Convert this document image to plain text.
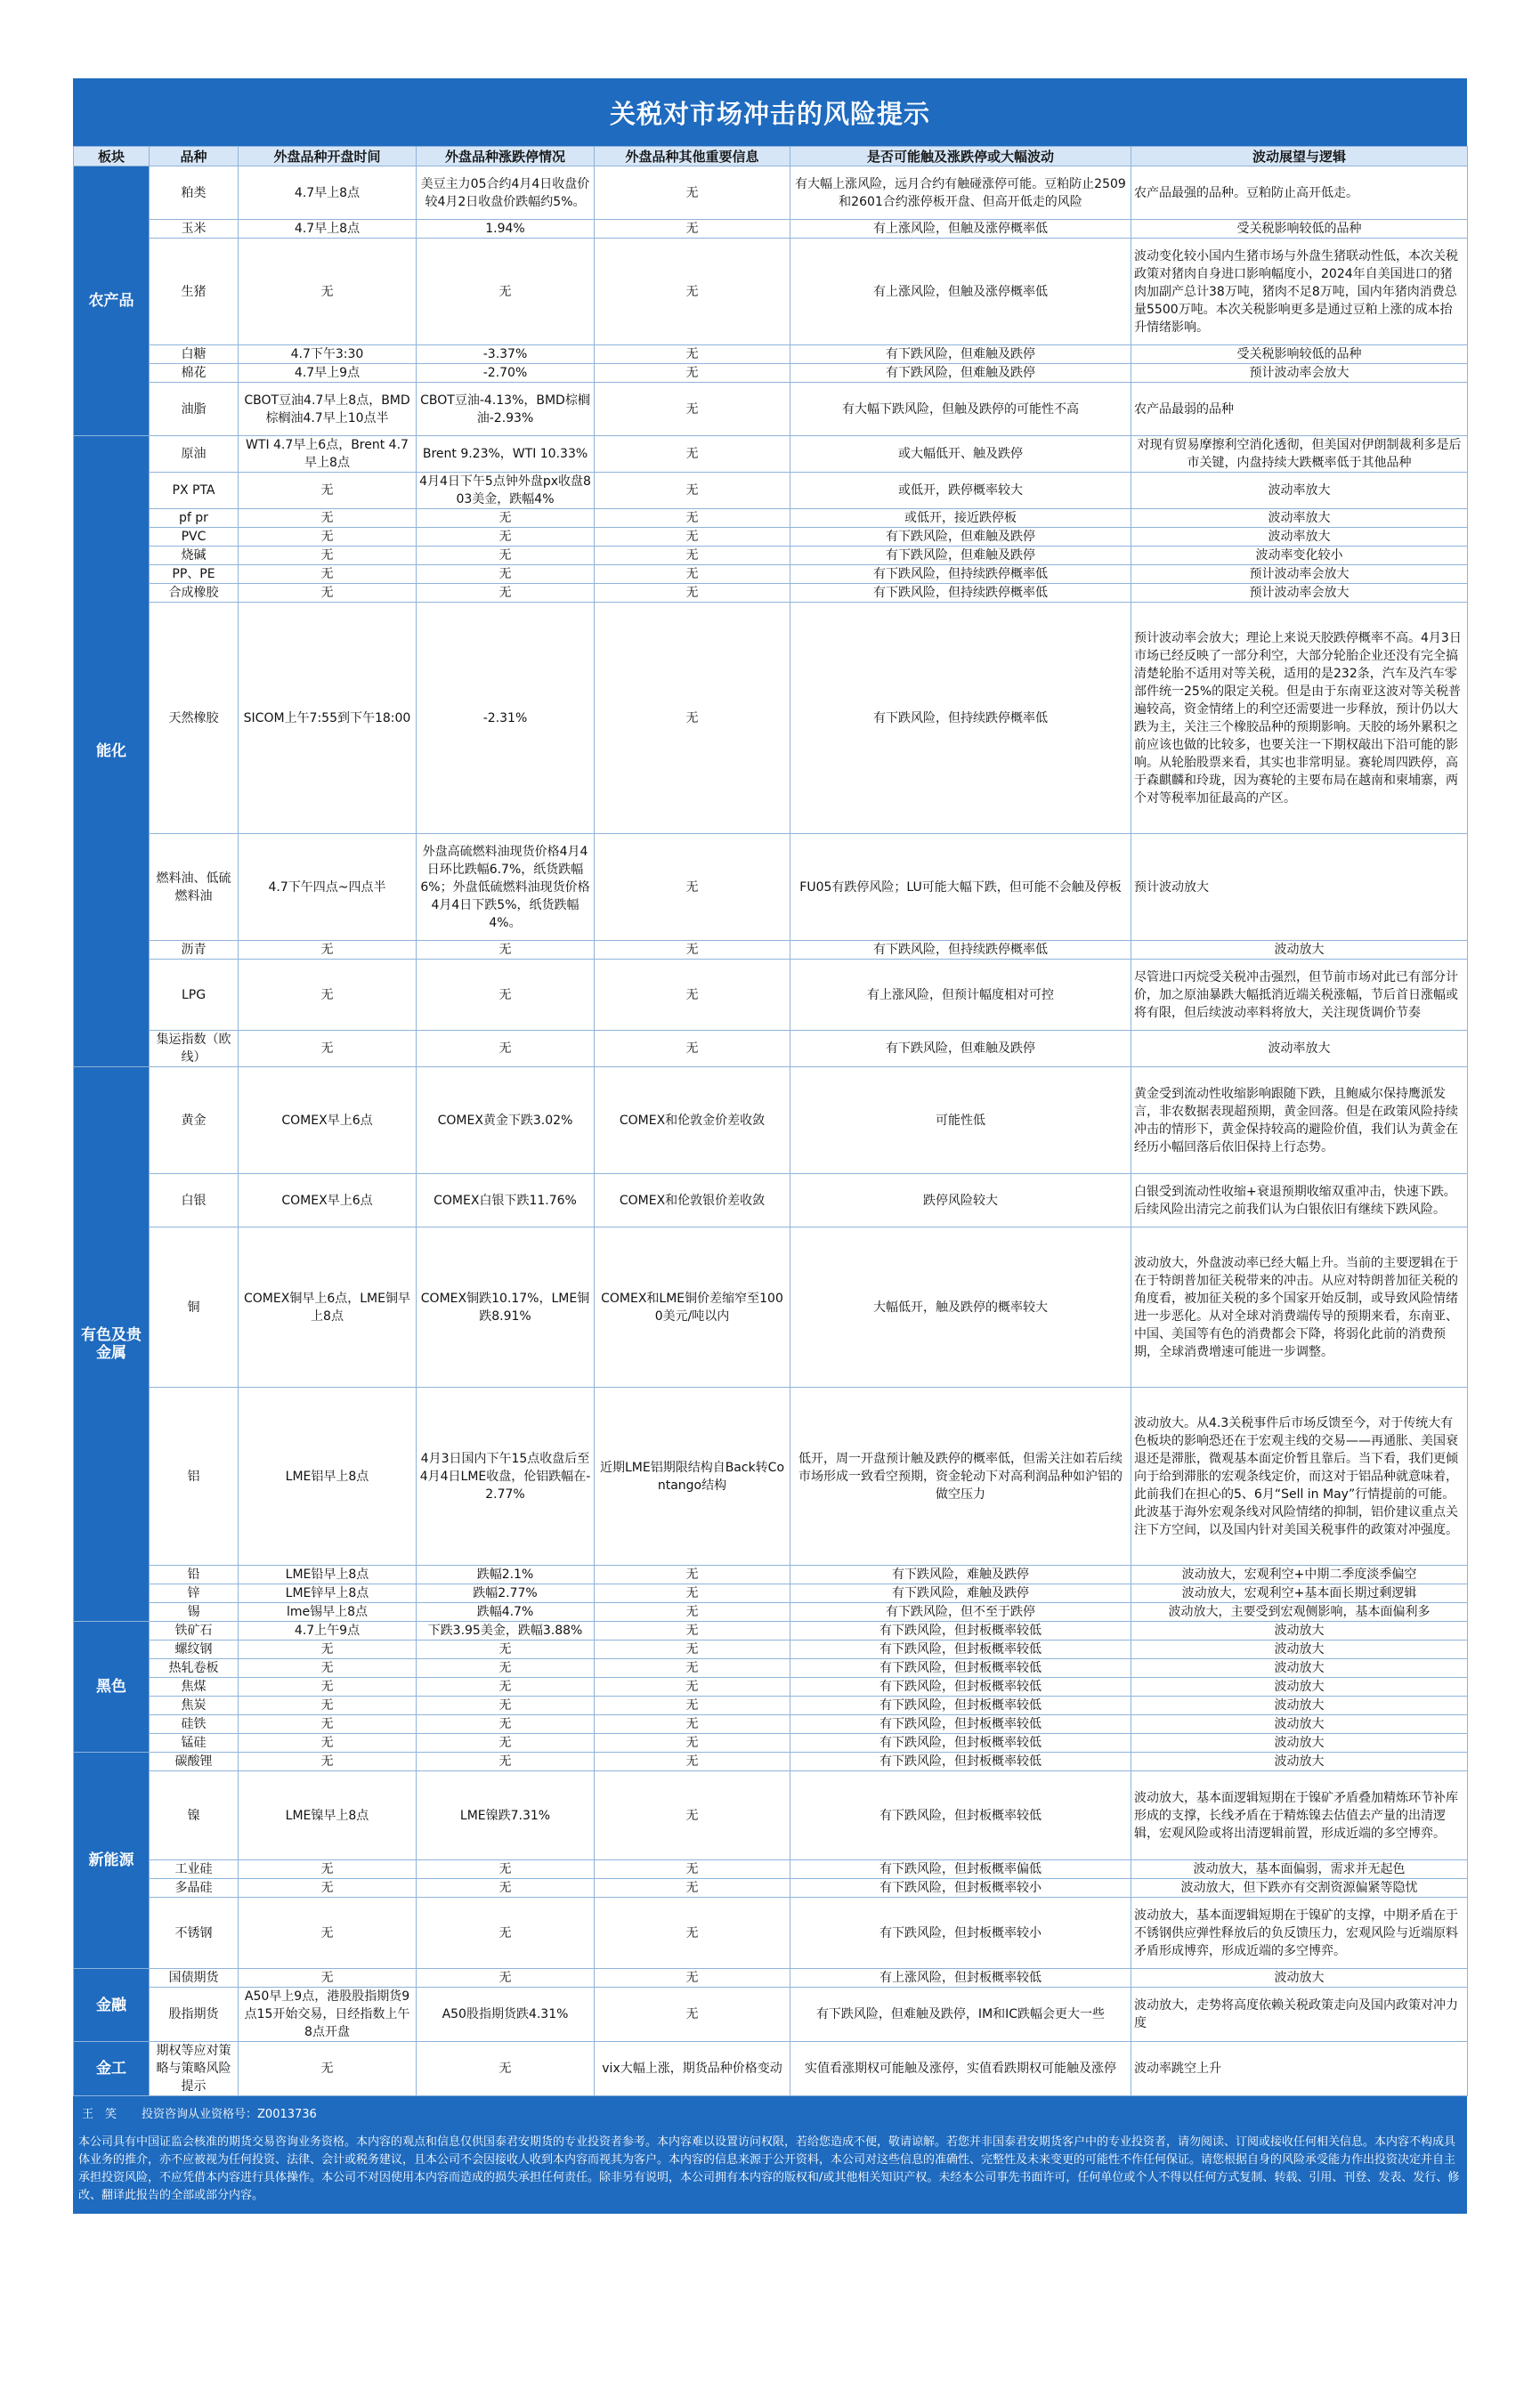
关税对市场冲击的风险提示
板块	品种	外盘品种开盘时间	外盘品种涨跌停情况	外盘品种其他重要信息	是否可能触及涨跌停或大幅波动	波动展望与逻辑
农产品	粕类	4.7早上8点	美豆主力05合约4月4日收盘价较4月2日收盘价跌幅约5%。	无	有大幅上涨风险，远月合约有触碰涨停可能。豆粕防止2509和2601合约涨停板开盘、但高开低走的风险	农产品最强的品种。豆粕防止高开低走。
	玉米	4.7早上8点	1.94%	无	有上涨风险，但触及涨停概率低	受关税影响较低的品种
	生猪	无	无	无	有上涨风险，但触及涨停概率低	波动变化较小国内生猪市场与外盘生猪联动性低，本次关税政策对猪肉自身进口影响幅度小，2024年自美国进口的猪肉加副产总计38万吨，猪肉不足8万吨，国内年猪肉消费总量5500万吨。本次关税影响更多是通过豆粕上涨的成本抬升情绪影响。
	白糖	4.7下午3:30	-3.37%	无	有下跌风险，但难触及跌停	受关税影响较低的品种
	棉花	4.7早上9点	-2.70%	无	有下跌风险，但难触及跌停	预计波动率会放大
	油脂	CBOT豆油4.7早上8点，BMD棕榈油4.7早上10点半	CBOT豆油-4.13%，BMD棕榈油-2.93%	无	有大幅下跌风险，但触及跌停的可能性不高	农产品最弱的品种
能化	原油	WTI 4.7早上6点，Brent 4.7早上8点	Brent 9.23%，WTI 10.33%	无	或大幅低开、触及跌停	对现有贸易摩擦利空消化透彻，但美国对伊朗制裁利多是后市关键，内盘持续大跌概率低于其他品种
	PX PTA	无	4月4日下午5点钟外盘px收盘803美金，跌幅4%	无	或低开，跌停概率较大	波动率放大
	pf pr	无	无	无	或低开，接近跌停板	波动率放大
	PVC	无	无	无	有下跌风险，但难触及跌停	波动率放大
	烧碱	无	无	无	有下跌风险，但难触及跌停	波动率变化较小
	PP、PE	无	无	无	有下跌风险，但持续跌停概率低	预计波动率会放大
	合成橡胶	无	无	无	有下跌风险，但持续跌停概率低	预计波动率会放大
	天然橡胶	SICOM上午7:55到下午18:00	-2.31%	无	有下跌风险，但持续跌停概率低	预计波动率会放大；理论上来说天胶跌停概率不高。4月3日市场已经反映了一部分利空，大部分轮胎企业还没有完全搞清楚轮胎不适用对等关税，适用的是232条，汽车及汽车零部件统一25%的限定关税。但是由于东南亚这波对等关税普遍较高，资金情绪上的利空还需要进一步释放，预计仍以大跌为主，关注三个橡胶品种的预期影响。天胶的场外累积之前应该也做的比较多，也要关注一下期权敲出下沿可能的影响。从轮胎股票来看，其实也非常明显。赛轮周四跌停，高于森麒麟和玲珑，因为赛轮的主要布局在越南和柬埔寨，两个对等税率加征最高的产区。
	燃料油、低硫燃料油	4.7下午四点~四点半	外盘高硫燃料油现货价格4月4日环比跌幅6.7%，纸货跌幅6%；外盘低硫燃料油现货价格4月4日下跌5%，纸货跌幅4%。	无	FU05有跌停风险；LU可能大幅下跌，但可能不会触及停板	预计波动放大
	沥青	无	无	无	有下跌风险，但持续跌停概率低	波动放大
	LPG	无	无	无	有上涨风险，但预计幅度相对可控	尽管进口丙烷受关税冲击强烈，但节前市场对此已有部分计价，加之原油暴跌大幅抵消近端关税涨幅，节后首日涨幅或将有限，但后续波动率料将放大，关注现货调价节奏
	集运指数（欧线）	无	无	无	有下跌风险，但难触及跌停	波动率放大
有色及贵金属	黄金	COMEX早上6点	COMEX黄金下跌3.02%	COMEX和伦敦金价差收敛	可能性低	黄金受到流动性收缩影响跟随下跌，且鲍威尔保持鹰派发言，非农数据表现超预期，黄金回落。但是在政策风险持续冲击的情形下，黄金保持较高的避险价值，我们认为黄金在经历小幅回落后依旧保持上行态势。
	白银	COMEX早上6点	COMEX白银下跌11.76%	COMEX和伦敦银价差收敛	跌停风险较大	白银受到流动性收缩+衰退预期收缩双重冲击，快速下跌。后续风险出清完之前我们认为白银依旧有继续下跌风险。
	铜	COMEX铜早上6点，LME铜早上8点	COMEX铜跌10.17%，LME铜跌8.91%	COMEX和LME铜价差缩窄至1000美元/吨以内	大幅低开，触及跌停的概率较大	波动放大，外盘波动率已经大幅上升。当前的主要逻辑在于在于特朗普加征关税带来的冲击。从应对特朗普加征关税的角度看，被加征关税的多个国家开始反制，或导致风险情绪进一步恶化。从对全球对消费端传导的预期来看，东南亚、中国、美国等有色的消费都会下降，将弱化此前的消费预期，全球消费增速可能进一步调整。
	铝	LME铝早上8点	4月3日国内下午15点收盘后至4月4日LME收盘，伦铝跌幅在-2.77%	近期LME铝期限结构自Back转Contango结构	低开，周一开盘预计触及跌停的概率低，但需关注如若后续市场形成一致看空预期，资金轮动下对高利润品种如沪铝的做空压力	波动放大。从4.3关税事件后市场反馈至今，对于传统大有色板块的影响恐还在于宏观主线的交易——再通胀、美国衰退还是滞胀，微观基本面定价暂且靠后。当下看，我们更倾向于给到滞胀的宏观条线定价，而这对于铝品种就意味着，此前我们在担心的5、6月“Sell in May”行情提前的可能。此波基于海外宏观条线对风险情绪的抑制，铝价建议重点关注下方空间，以及国内针对美国关税事件的政策对冲强度。
	铅	LME铅早上8点	跌幅2.1%	无	有下跌风险，难触及跌停	波动放大，宏观利空+中期二季度淡季偏空
	锌	LME锌早上8点	跌幅2.77%	无	有下跌风险，难触及跌停	波动放大，宏观利空+基本面长期过剩逻辑
	锡	lme锡早上8点	跌幅4.7%	无	有下跌风险，但不至于跌停	波动放大，主要受到宏观侧影响，基本面偏利多
黑色	铁矿石	4.7上午9点	下跌3.95美金，跌幅3.88%	无	有下跌风险，但封板概率较低	波动放大
	螺纹钢	无	无	无	有下跌风险，但封板概率较低	波动放大
	热轧卷板	无	无	无	有下跌风险，但封板概率较低	波动放大
	焦煤	无	无	无	有下跌风险，但封板概率较低	波动放大
	焦炭	无	无	无	有下跌风险，但封板概率较低	波动放大
	硅铁	无	无	无	有下跌风险，但封板概率较低	波动放大
	锰硅	无	无	无	有下跌风险，但封板概率较低	波动放大
新能源	碳酸锂	无	无	无	有下跌风险，但封板概率较低	波动放大
	镍	LME镍早上8点	LME镍跌7.31%	无	有下跌风险，但封板概率较低	波动放大，基本面逻辑短期在于镍矿矛盾叠加精炼环节补库形成的支撑，长线矛盾在于精炼镍去估值去产量的出清逻辑，宏观风险或将出清逻辑前置，形成近端的多空博弈。
	工业硅	无	无	无	有下跌风险，但封板概率偏低	波动放大，基本面偏弱，需求并无起色
	多晶硅	无	无	无	有下跌风险，但封板概率较小	波动放大，但下跌亦有交割资源偏紧等隐忧
	不锈钢	无	无	无	有下跌风险，但封板概率较小	波动放大，基本面逻辑短期在于镍矿的支撑，中期矛盾在于不锈钢供应弹性释放后的负反馈压力，宏观风险与近端原料矛盾形成博弈，形成近端的多空博弈。
金融	国债期货	无	无	无	有上涨风险，但封板概率较低	波动放大
	股指期货	A50早上9点，港股股指期货9点15开始交易，日经指数上午8点开盘	A50股指期货跌4.31%	无	有下跌风险，但难触及跌停，IM和IC跌幅会更大一些	波动放大，走势将高度依赖关税政策走向及国内政策对冲力度
金工	期权等应对策略与策略风险提示	无	无	vix大幅上涨，期货品种价格变动	实值看涨期权可能触及涨停，实值看跌期权可能触及涨停	波动率跳空上升
王　笑 投资咨询从业资格号：Z0013736
本公司具有中国证监会核准的期货交易咨询业务资格。本内容的观点和信息仅供国泰君安期货的专业投资者参考。本内容难以设置访问权限，若给您造成不便，敬请谅解。若您并非国泰君安期货客户中的专业投资者，请勿阅读、订阅或接收任何相关信息。本内容不构成具体业务的推介，亦不应被视为任何投资、法律、会计或税务建议，且本公司不会因接收人收到本内容而视其为客户。本内容的信息来源于公开资料，本公司对这些信息的准确性、完整性及未来变更的可能性不作任何保证。请您根据自身的风险承受能力作出投资决定并自主承担投资风险，不应凭借本内容进行具体操作。本公司不对因使用本内容而造成的损失承担任何责任。除非另有说明，本公司拥有本内容的版权和/或其他相关知识产权。未经本公司事先书面许可，任何单位或个人不得以任何方式复制、转载、引用、刊登、发表、发行、修改、翻译此报告的全部或部分内容。
